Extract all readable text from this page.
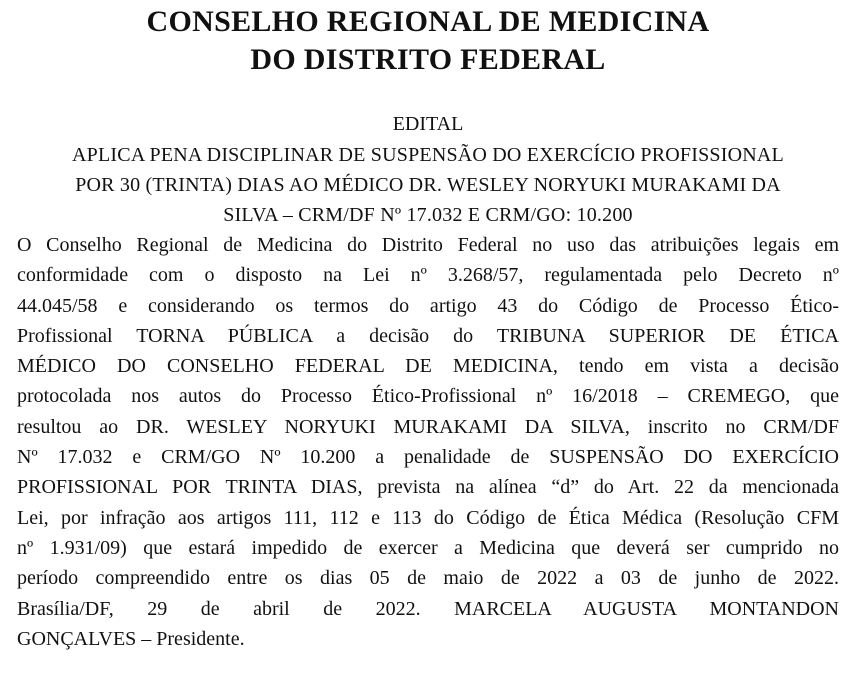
CONSELHO REGIONAL DE MEDICINA
DO DISTRITO FEDERAL
EDITAL
APLICA PENA DISCIPLINAR DE SUSPENSÃO DO EXERCÍCIO PROFISSIONAL
POR 30 (TRINTA) DIAS AO MÉDICO DR. WESLEY NORYUKI MURAKAMI DA
SILVA – CRM/DF Nº 17.032 E CRM/GO: 10.200
O Conselho Regional de Medicina do Distrito Federal no uso das atribuições legais em
conformidade com o disposto na Lei nº 3.268/57, regulamentada pelo Decreto nº
44.045/58 e considerando os termos do artigo 43 do Código de Processo Ético-
Profissional TORNA PÚBLICA a decisão do TRIBUNA SUPERIOR DE ÉTICA
MÉDICO DO CONSELHO FEDERAL DE MEDICINA, tendo em vista a decisão
protocolada nos autos do Processo Ético-Profissional nº 16/2018 – CREMEGO, que
resultou ao DR. WESLEY NORYUKI MURAKAMI DA SILVA, inscrito no CRM/DF
Nº 17.032 e CRM/GO Nº 10.200 a penalidade de SUSPENSÃO DO EXERCÍCIO
PROFISSIONAL POR TRINTA DIAS, prevista na alínea “d” do Art. 22 da mencionada
Lei, por infração aos artigos 111, 112 e 113 do Código de Ética Médica (Resolução CFM
nº 1.931/09) que estará impedido de exercer a Medicina que deverá ser cumprido no
período compreendido entre os dias 05 de maio de 2022 a 03 de junho de 2022.
Brasília/DF, 29 de abril de 2022. MARCELA AUGUSTA MONTANDON
GONÇALVES – Presidente.
